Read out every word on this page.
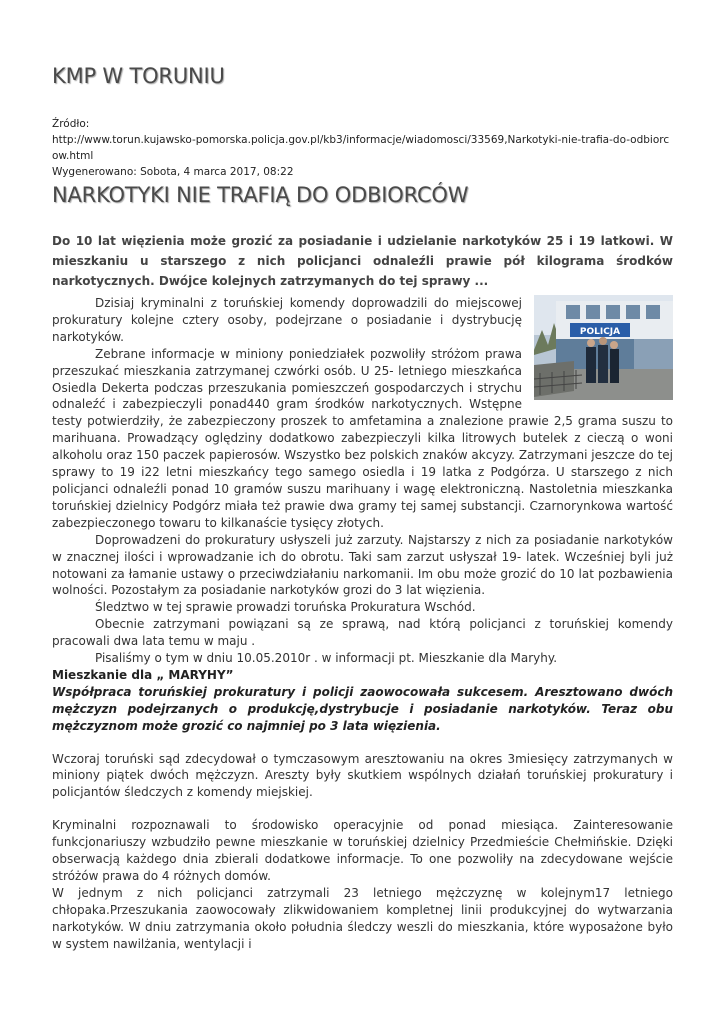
KMP W TORUNIU
Źródło:
http://www.torun.kujawsko-pomorska.policja.gov.pl/kb3/informacje/wiadomosci/33569,Narkotyki-nie-trafia-do-odbiorcow.html
Wygenerowano: Sobota, 4 marca 2017, 08:22
NARKOTYKI NIE TRAFIĄ DO ODBIORCÓW

Do 10 lat więzienia może grozić za posiadanie i udzielanie narkotyków 25 i 19 latkowi. W mieszkaniu u starszego z nich policjanci odnaleźli prawie pół kilograma środków narkotycznych. Dwójce kolejnych zatrzymanych do tej sprawy ...

POLICJA

Dzisiaj kryminalni z toruńskiej komendy doprowadzili do miejscowej prokuratury kolejne cztery osoby, podejrzane o posiadanie i dystrybucję narkotyków.

Zebrane informacje w miniony poniedziałek pozwoliły stróżom prawa przeszukać mieszkania zatrzymanej czwórki osób. U 25- letniego mieszkańca Osiedla Dekerta podczas przeszukania pomieszczeń gospodarczych i strychu odnaleźć i zabezpieczyli ponad440 gram środków narkotycznych. Wstępne testy potwierdziły, że zabezpieczony proszek to amfetamina a znalezione prawie 2,5 grama suszu to marihuana. Prowadzący oględziny dodatkowo zabezpieczyli kilka litrowych butelek z cieczą o woni alkoholu oraz 150 paczek papierosów. Wszystko bez polskich znaków akcyzy. Zatrzymani jeszcze do tej sprawy to 19 i22 letni mieszkańcy tego samego osiedla i 19 latka z Podgórza. U starszego z nich policjanci odnaleźli ponad 10 gramów suszu marihuany i wagę elektroniczną. Nastoletnia mieszkanka toruńskiej dzielnicy Podgórz miała też prawie dwa gramy tej samej substancji. Czarnorynkowa wartość zabezpieczonego towaru to kilkanaście tysięcy złotych.

Doprowadzeni do prokuratury usłyszeli już zarzuty. Najstarszy z nich za posiadanie narkotyków w znacznej ilości i wprowadzanie ich do obrotu. Taki sam zarzut usłyszał 19- latek. Wcześniej byli już notowani za łamanie ustawy o przeciwdziałaniu narkomanii. Im obu może grozić do 10 lat pozbawienia wolności. Pozostałym za posiadanie narkotyków grozi do 3 lat więzienia.

Śledztwo w tej sprawie prowadzi toruńska Prokuratura Wschód.

Obecnie zatrzymani powiązani są ze sprawą, nad którą policjanci z toruńskiej komendy pracowali dwa lata temu w maju .

Pisaliśmy o tym w dniu 10.05.2010r . w informacji pt. Mieszkanie dla Maryhy.

Mieszkanie dla „ MARYHY”

Współpraca toruńskiej prokuratury i policji zaowocowała sukcesem. Aresztowano dwóch mężczyzn podejrzanych o produkcję,dystrybucje i posiadanie narkotyków. Teraz obu mężczyznom może grozić co najmniej po 3 lata więzienia.

Wczoraj toruński sąd zdecydował o tymczasowym aresztowaniu na okres 3miesięcy zatrzymanych w miniony piątek dwóch mężczyzn. Areszty były skutkiem wspólnych działań toruńskiej prokuratury i policjantów śledczych z komendy miejskiej.

Kryminalni rozpoznawali to środowisko operacyjnie od ponad miesiąca. Zainteresowanie funkcjonariuszy wzbudziło pewne mieszkanie w toruńskiej dzielnicy Przedmieście Chełmińskie. Dzięki obserwacją każdego dnia zbierali dodatkowe informacje. To one pozwoliły na zdecydowane wejście stróżów prawa do 4 różnych domów.

W jednym z nich policjanci zatrzymali 23 letniego mężczyznę w kolejnym17 letniego chłopaka.Przeszukania zaowocowały zlikwidowaniem kompletnej linii produkcyjnej do wytwarzania narkotyków. W dniu zatrzymania około południa śledczy weszli do mieszkania, które wyposażone było w system nawilżania, wentylacji i
